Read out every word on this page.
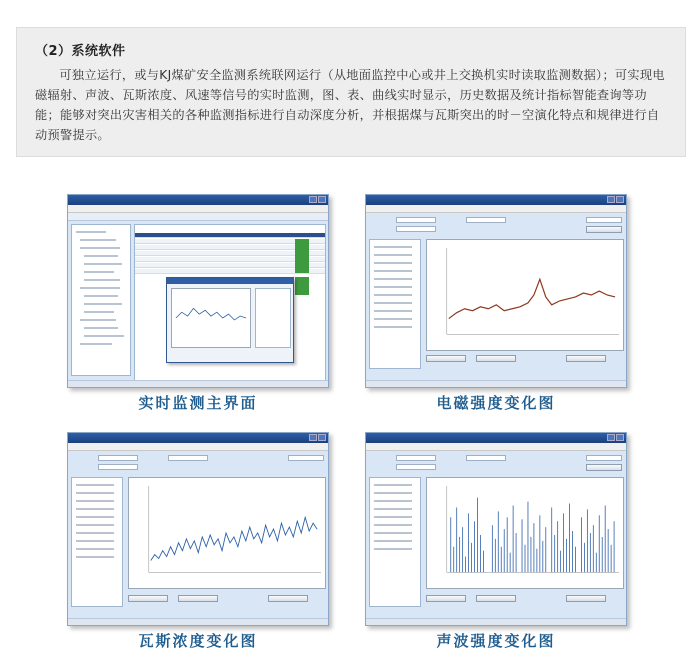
（2）系统软件

可独立运行，或与KJ煤矿安全监测系统联网运行（从地面监控中心或井上交换机实时读取监测数据）；可实现电磁辐射、声波、瓦斯浓度、风速等信号的实时监测，图、表、曲线实时显示，历史数据及统计指标智能查询等功能；能够对突出灾害相关的各种监测指标进行自动深度分析，并根据煤与瓦斯突出的时－空演化特点和规律进行自动预警提示。

实时监测主界面	电磁强度变化图
瓦斯浓度变化图	声波强度变化图
